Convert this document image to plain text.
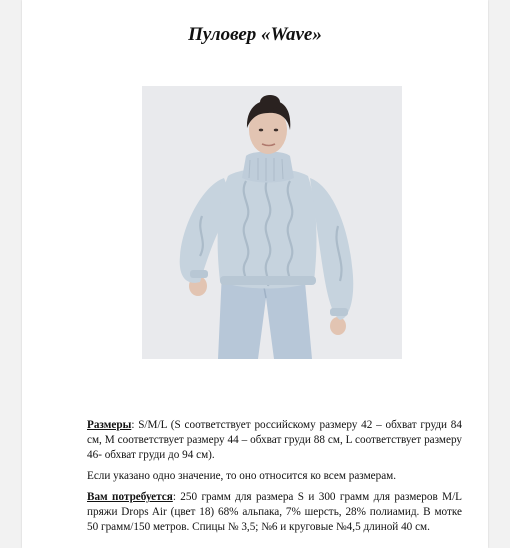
Пуловер «Wave»

Размеры: S/M/L (S соответствует российскому размеру 42 – обхват груди 84 см, M соответствует размеру 44 – обхват груди 88 см, L соответствует размеру 46- обхват груди до 94 см).

Если указано одно значение, то оно относится ко всем размерам.

Вам потребуется: 250 грамм для размера S и 300 грамм для размеров M/L пряжи Drops Air (цвет 18) 68% альпака, 7% шерсть, 28% полиамид. В мотке 50 грамм/150 метров. Спицы № 3,5; №6 и круговые №4,5 длиной 40 см.
